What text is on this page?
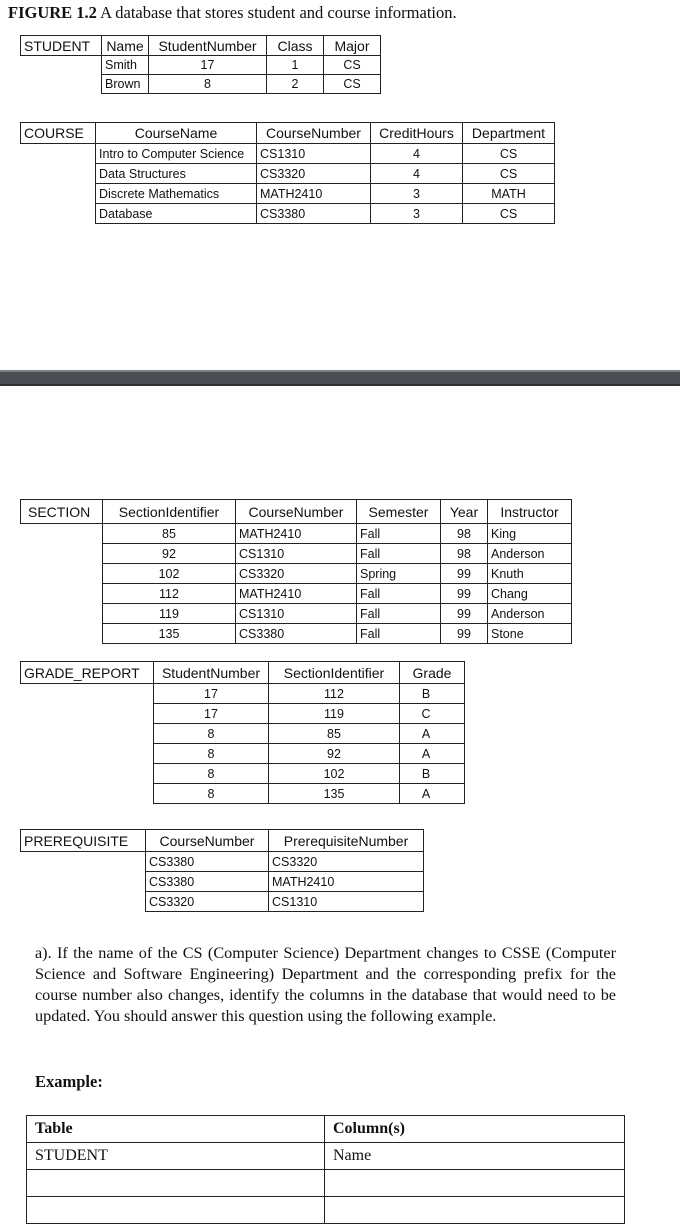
FIGURE 1.2 A database that stores student and course information.
STUDENT	Name	StudentNumber	Class	Major
	Smith	17	1	CS
	Brown	8	2	CS
COURSE	CourseName	CourseNumber	CreditHours	Department
	Intro to Computer Science	CS1310	4	CS
	Data Structures	CS3320	4	CS
	Discrete Mathematics	MATH2410	3	MATH
	Database	CS3380	3	CS
SECTION	SectionIdentifier	CourseNumber	Semester	Year	Instructor
	85	MATH2410	Fall	98	King
	92	CS1310	Fall	98	Anderson
	102	CS3320	Spring	99	Knuth
	112	MATH2410	Fall	99	Chang
	119	CS1310	Fall	99	Anderson
	135	CS3380	Fall	99	Stone
GRADE_REPORT	StudentNumber	SectionIdentifier	Grade
	17	112	B
	17	119	C
	8	85	A
	8	92	A
	8	102	B
	8	135	A
PREREQUISITE	CourseNumber	PrerequisiteNumber
	CS3380	CS3320
	CS3380	MATH2410
	CS3320	CS1310
a). If the name of the CS (Computer Science) Department changes to CSSE (Computer Science and Software Engineering) Department and the corresponding prefix for the course number also changes, identify the columns in the database that would need to be updated. You should answer this question using the following example.
Example:
Table	Column(s)
STUDENT	Name
